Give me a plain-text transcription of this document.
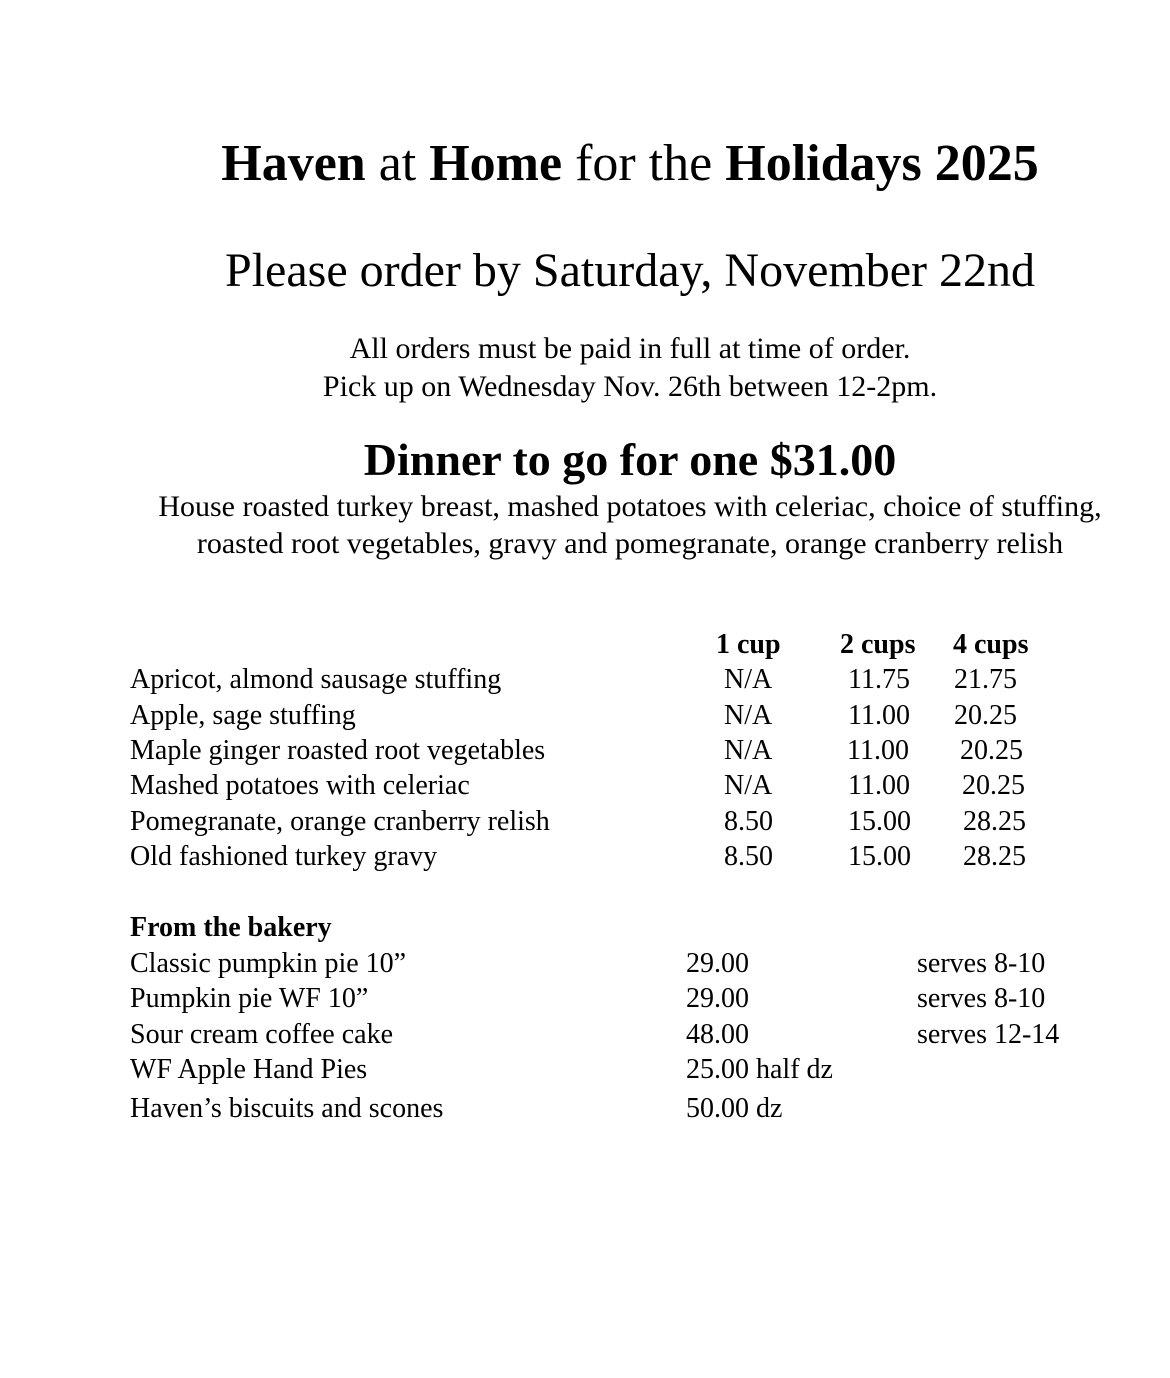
Haven at Home for the Holidays 2025
Please order by Saturday, November 22nd
All orders must be paid in full at time of order.
Pick up on Wednesday Nov. 26th between 12-2pm.
Dinner to go for one $31.00
House roasted turkey breast, mashed potatoes with celeriac, choice of stuffing, roasted root vegetables, gravy and pomegranate, orange cranberry relish
1 cup 2 cups 4 cups
Apricot, almond sausage stuffing	N/A	11.75 21.75
Apple, sage stuffing	N/A	11.00 20.25
Maple ginger roasted root vegetables	N/A	11.00 20.25
Mashed potatoes with celeriac	N/A	11.00 20.25
Pomegranate, orange cranberry relish	8.50	15.00 28.25
Old fashioned turkey gravy	8.50	15.00 28.25
From the bakery
Classic pumpkin pie 10”	29.00	serves 8-10
Pumpkin pie WF 10”	29.00	serves 8-10
Sour cream coffee cake	48.00	serves 12-14
WF Apple Hand Pies	25.00 half dz
Haven’s biscuits and scones	50.00 dz
